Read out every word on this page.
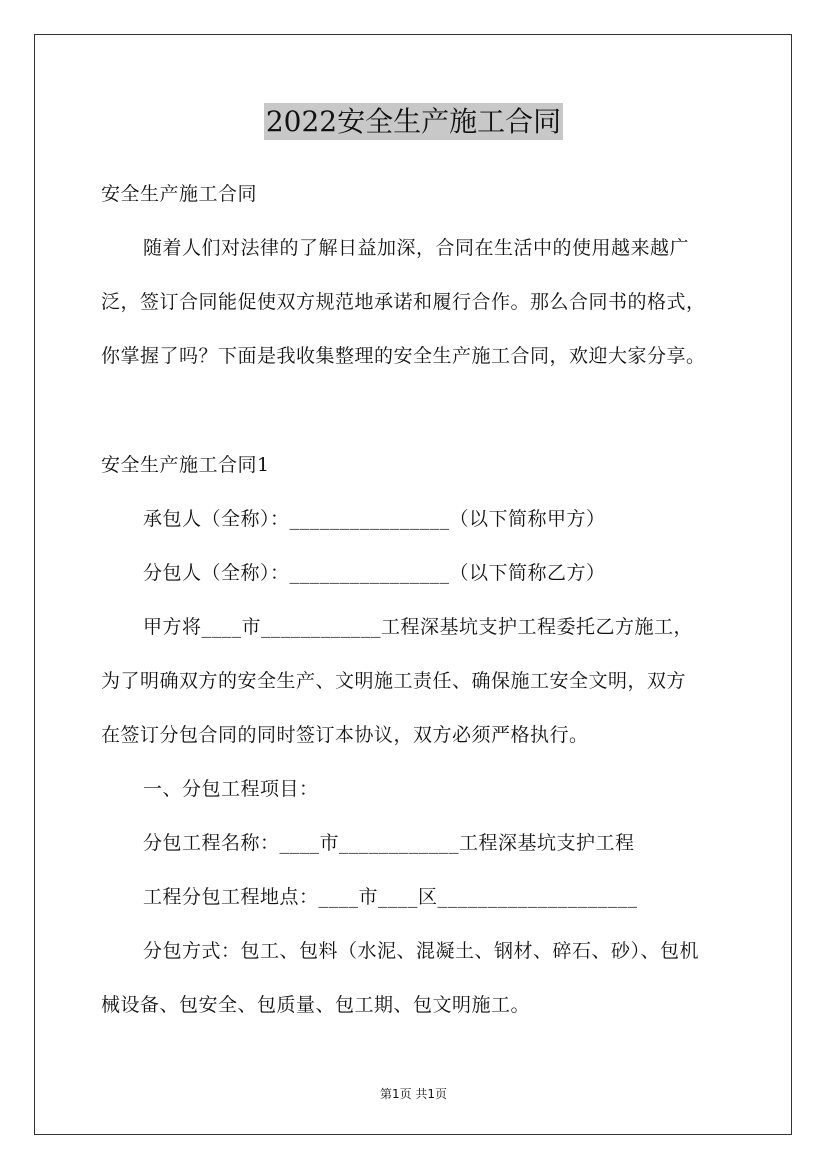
2022安全生产施工合同
安全生产施工合同
随着人们对法律的了解日益加深，合同在生活中的使用越来越广
泛，签订合同能促使双方规范地承诺和履行合作。那么合同书的格式，
你掌握了吗？下面是我收集整理的安全生产施工合同，欢迎大家分享。
安全生产施工合同1
承包人（全称）：________________（以下简称甲方）
分包人（全称）：________________（以下简称乙方）
甲方将____市____________工程深基坑支护工程委托乙方施工，
为了明确双方的安全生产、文明施工责任、确保施工安全文明，双方
在签订分包合同的同时签订本协议，双方必须严格执行。
一、分包工程项目：
分包工程名称：____市____________工程深基坑支护工程
工程分包工程地点：____市____区____________________
分包方式：包工、包料（水泥、混凝土、钢材、碎石、砂）、包机
械设备、包安全、包质量、包工期、包文明施工。
第1页 共1页
